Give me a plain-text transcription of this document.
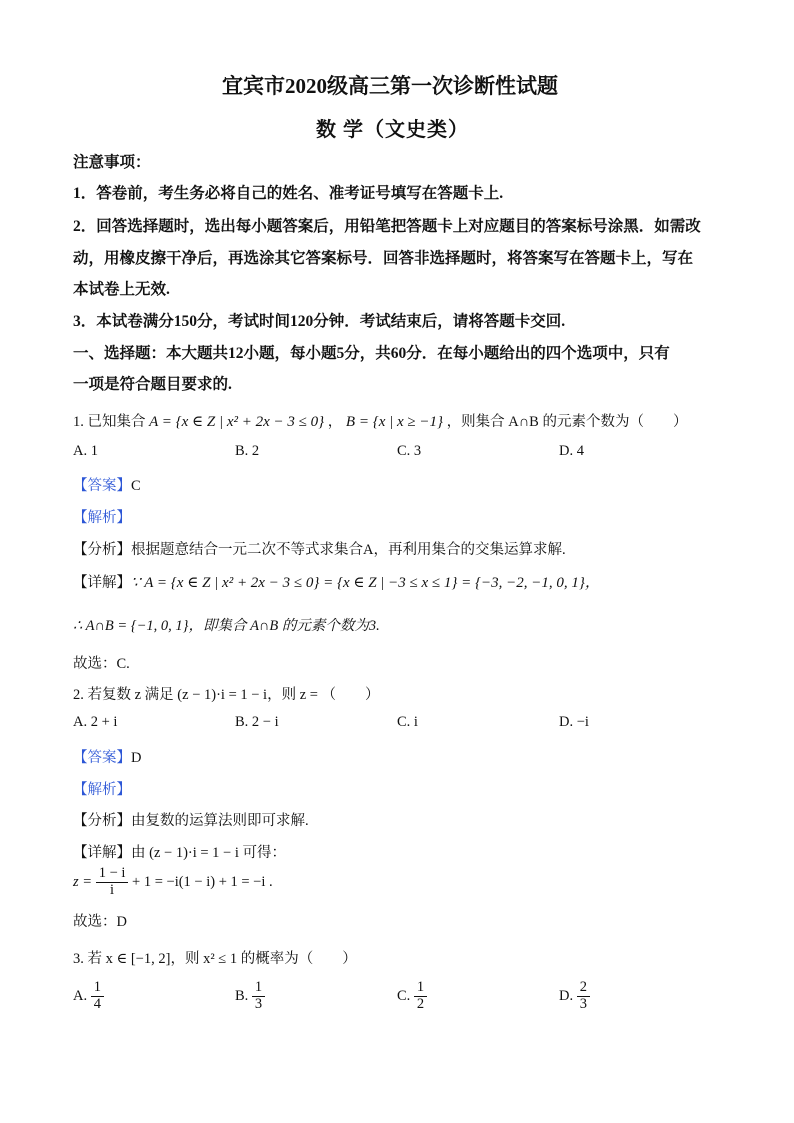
宜宾市2020级高三第一次诊断性试题
数 学（文史类）
注意事项：
1．答卷前，考生务必将自己的姓名、准考证号填写在答题卡上.
2．回答选择题时，选出每小题答案后，用铅笔把答题卡上对应题目的答案标号涂黑．如需改
动，用橡皮擦干净后，再选涂其它答案标号．回答非选择题时，将答案写在答题卡上，写在
本试卷上无效.
3．本试卷满分150分，考试时间120分钟．考试结束后，请将答题卡交回.
一、选择题：本大题共12小题，每小题5分，共60分．在每小题给出的四个选项中，只有
一项是符合题目要求的.
1. 已知集合 A = {x ∈ Z | x² + 2x − 3 ≤ 0} ， B = {x | x ≥ −1} ，则集合 A∩B 的元素个数为（　　）
A. 1	B. 2	C. 3	D. 4
【答案】C
【解析】
【分析】根据题意结合一元二次不等式求集合A，再利用集合的交集运算求解.
【详解】∵ A = {x ∈ Z | x² + 2x − 3 ≤ 0} = {x ∈ Z | −3 ≤ x ≤ 1} = {−3, −2, −1, 0, 1}，
∴ A∩B = {−1, 0, 1}，即集合 A∩B 的元素个数为3.
故选：C.
2. 若复数 z 满足 (z − 1)·i = 1 − i，则 z = （　　）
A. 2 + i	B. 2 − i	C. i	D. −i
【答案】D
【解析】
【分析】由复数的运算法则即可求解.
【详解】由 (z − 1)·i = 1 − i 可得：
$z = \frac{1 - i}{i} + 1 = -i(1 - i) + 1 = -i$ .
故选：D
3. 若 x ∈ [−1, 2]，则 x² ≤ 1 的概率为（　　）
A. $\frac{1}{4}$	B. $\frac{1}{3}$	C. $\frac{1}{2}$	D. $\frac{2}{3}$
